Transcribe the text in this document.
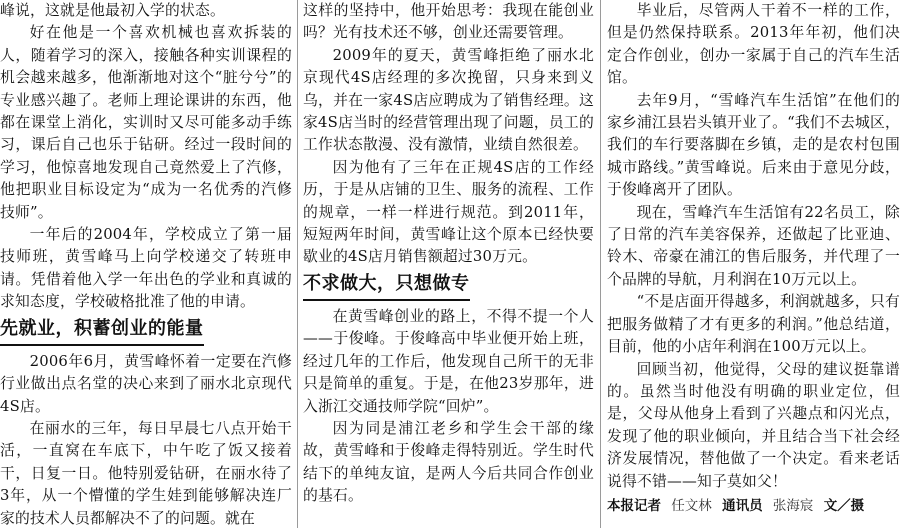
峰说，这就是他最初入学的状态。

好在他是一个喜欢机械也喜欢拆装的人，随着学习的深入，接触各种实训课程的机会越来越多，他渐渐地对这个“脏兮兮”的专业感兴趣了。老师上理论课讲的东西，他都在课堂上消化，实训时又尽可能多动手练习，课后自己也乐于钻研。经过一段时间的学习，他惊喜地发现自己竟然爱上了汽修，他把职业目标设定为“成为一名优秀的汽修技师”。

一年后的2004年，学校成立了第一届技师班，黄雪峰马上向学校递交了转班申请。凭借着他入学一年出色的学业和真诚的求知态度，学校破格批准了他的申请。

先就业，积蓄创业的能量

2006年6月，黄雪峰怀着一定要在汽修行业做出点名堂的决心来到了丽水北京现代4S店。

在丽水的三年，每日早晨七八点开始干活，一直窝在车底下，中午吃了饭又接着干，日复一日。他特别爱钻研，在丽水待了3年，从一个懵懂的学生娃到能够解决连厂家的技术人员都解决不了的问题。就在

这样的坚持中，他开始思考：我现在能创业吗？光有技术还不够，创业还需要管理。

2009年的夏天，黄雪峰拒绝了丽水北京现代4S店经理的多次挽留，只身来到义乌，并在一家4S店应聘成为了销售经理。这家4S店当时的经营管理出现了问题，员工的工作状态散漫、没有激情，业绩自然很差。

因为他有了三年在正规4S店的工作经历，于是从店铺的卫生、服务的流程、工作的规章，一样一样进行规范。到2011年，短短两年时间，黄雪峰让这个原本已经快要歇业的4S店月销售额超过30万元。

不求做大，只想做专

在黄雪峰创业的路上，不得不提一个人——于俊峰。于俊峰高中毕业便开始上班，经过几年的工作后，他发现自己所干的无非只是简单的重复。于是，在他23岁那年，进入浙江交通技师学院“回炉”。

因为同是浦江老乡和学生会干部的缘故，黄雪峰和于俊峰走得特别近。学生时代结下的单纯友谊，是两人今后共同合作创业的基石。

毕业后，尽管两人干着不一样的工作，但是仍然保持联系。2013年年初，他们决定合作创业，创办一家属于自己的汽车生活馆。

去年9月，“雪峰汽车生活馆”在他们的家乡浦江县岩头镇开业了。“我们不去城区，我们的车行要落脚在乡镇，走的是农村包围城市路线。”黄雪峰说。后来由于意见分歧，于俊峰离开了团队。

现在，雪峰汽车生活馆有22名员工，除了日常的汽车美容保养，还做起了比亚迪、铃木、帝豪在浦江的售后服务，并代理了一个品牌的导航，月利润在10万元以上。

“不是店面开得越多，利润就越多，只有把服务做精了才有更多的利润。”他总结道，目前，他的小店年利润在100万元以上。

回顾当初，他觉得，父母的建议挺靠谱的。虽然当时他没有明确的职业定位，但是，父母从他身上看到了兴趣点和闪光点，发现了他的职业倾向，并且结合当下社会经济发展情况，替他做了一个决定。看来老话说得不错——知子莫如父！

本报记者 任文林 通讯员 张海宸 文／摄
